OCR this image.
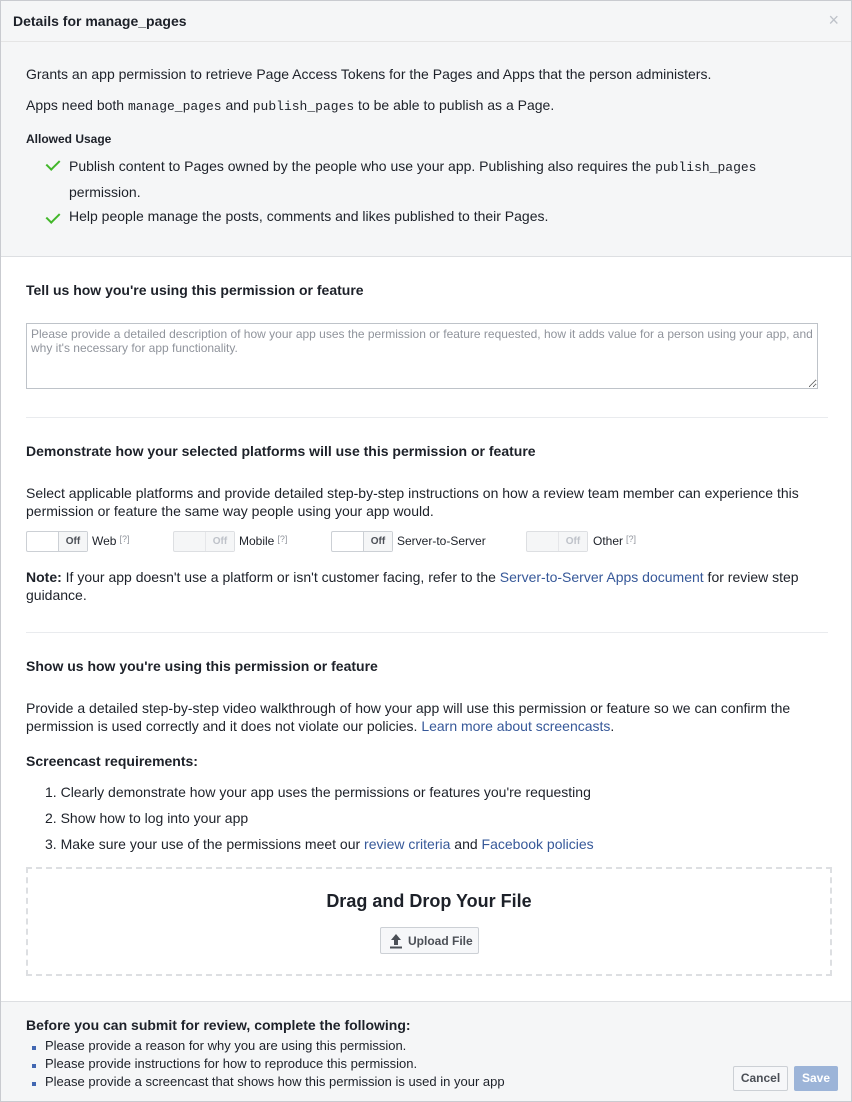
Details for manage_pages	×
Grants an app permission to retrieve Page Access Tokens for the Pages and Apps that the person administers.
Apps need both manage_pages and publish_pages to be able to publish as a Page.
Allowed Usage
Publish content to Pages owned by the people who use your app. Publishing also requires the publish_pages
permission.
Help people manage the posts, comments and likes published to their Pages.
Tell us how you're using this permission or feature
Please provide a detailed description of how your app uses the permission or feature requested, how it adds value for a person using your app, and why it's necessary for app functionality.
Demonstrate how your selected platforms will use this permission or feature
Select applicable platforms and provide detailed step-by-step instructions on how a review team member can experience this permission or feature the same way people using your app would.
Off Web [?]	Off Mobile [?]	Off Server-to-Server	Off	Other [?]
Note: If your app doesn't use a platform or isn't customer facing, refer to the Server-to-Server Apps document for review step
guidance.
Show us how you're using this permission or feature
Provide a detailed step-by-step video walkthrough of how your app will use this permission or feature so we can confirm the
permission is used correctly and it does not violate our policies. Learn more about screencasts.
Screencast requirements:
1. Clearly demonstrate how your app uses the permissions or features you're requesting
2. Show how to log into your app
3. Make sure your use of the permissions meet our review criteria and Facebook policies
Drag and Drop Your File
Upload File
Before you can submit for review, complete the following:
Please provide a reason for why you are using this permission.
Please provide instructions for how to reproduce this permission.
Please provide a screencast that shows how this permission is used in your app	Cancel	Save
